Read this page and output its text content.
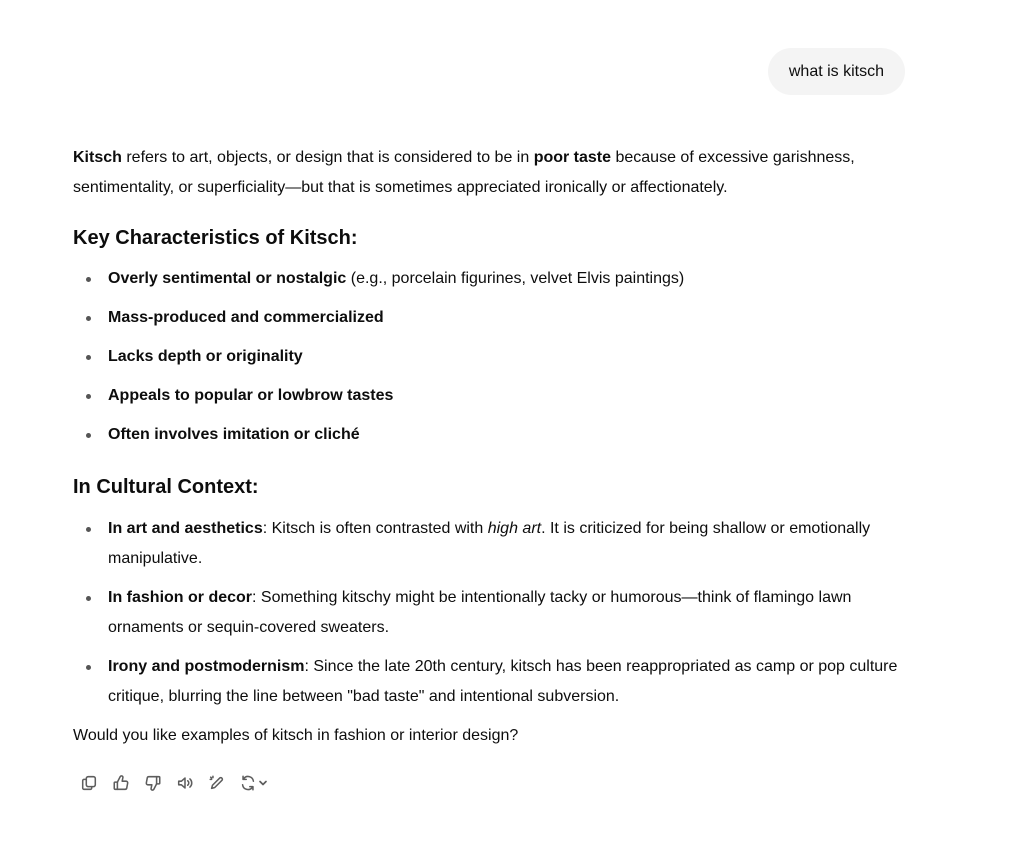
what is kitsch

Kitsch refers to art, objects, or design that is considered to be in poor taste because of excessive garishness, sentimentality, or superficiality—but that is sometimes appreciated ironically or affectionately.

Key Characteristics of Kitsch:
Overly sentimental or nostalgic (e.g., porcelain figurines, velvet Elvis paintings)
Mass-produced and commercialized
Lacks depth or originality
Appeals to popular or lowbrow tastes
Often involves imitation or cliché
In Cultural Context:
In art and aesthetics: Kitsch is often contrasted with high art. It is criticized for being shallow or emotionally manipulative.
In fashion or decor: Something kitschy might be intentionally tacky or humorous—think of flamingo lawn ornaments or sequin-covered sweaters.
Irony and postmodernism: Since the late 20th century, kitsch has been reappropriated as camp or pop culture critique, blurring the line between "bad taste" and intentional subversion.

Would you like examples of kitsch in fashion or interior design?
